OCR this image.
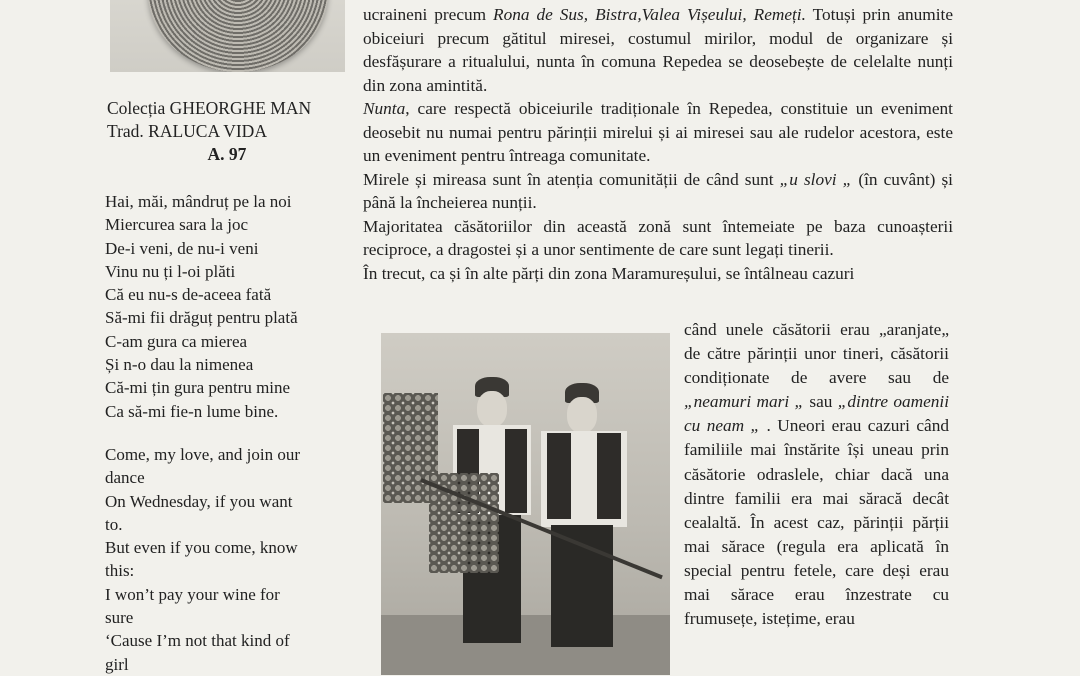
Colecția GHEORGHE MAN
Trad. RALUCA VIDA
A. 97

Hai, măi, mândruț pe la noi

Miercurea sara la joc

De-i veni, de nu-i veni

Vinu nu ți l-oi plăti

Că eu nu-s de-aceea fată

Să-mi fii drăguț pentru plată

C-am gura ca mierea

Și n-o dau la nimenea

Că-mi țin gura pentru mine

Ca să-mi fie-n lume bine.

Come, my love, and join our

dance

On Wednesday, if you want

to.

But even if you come, know

this:

I won’t pay your wine for

sure

‘Cause I’m not that kind of

girl

ucraineni precum Rona de Sus, Bistra,Valea Vișeului, Remeți. Totuși prin anumite obiceiuri precum gătitul miresei, costumul mirilor, modul de organizare și desfășurare a ritualului, nunta în comuna Repedea se deosebește de celelalte nunți din zona amintită.

Nunta, care respectă obiceiurile tradiționale în Repedea, constituie un eveniment deosebit nu numai pentru părinții mirelui și ai miresei sau ale rudelor acestora, este un eveniment pentru întreaga comunitate.

Mirele și mireasa sunt în atenția comunității de când sunt „u slovi „ (în cuvânt) și până la încheierea nunții.

Majoritatea căsătoriilor din această zonă sunt întemeiate pe baza cunoașterii reciproce, a dragostei și a unor sentimente de care sunt legați tinerii.

În trecut, ca și în alte părți din zona Maramureșului, se întâlneau cazuri

când unele căsătorii erau „aranjate„ de către părinții unor tineri, căsătorii condiționate de avere sau de „neamuri mari „ sau „dintre oamenii cu neam „ . Uneori erau cazuri când familiile mai înstărite își uneau prin căsătorie odraslele, chiar dacă una dintre familii era mai săracă decât cealaltă. În acest caz, părinții părții mai sărace (regula era aplicată în special pentru fetele, care deși erau mai sărace erau înzestrate cu frumusețe, istețime, erau
